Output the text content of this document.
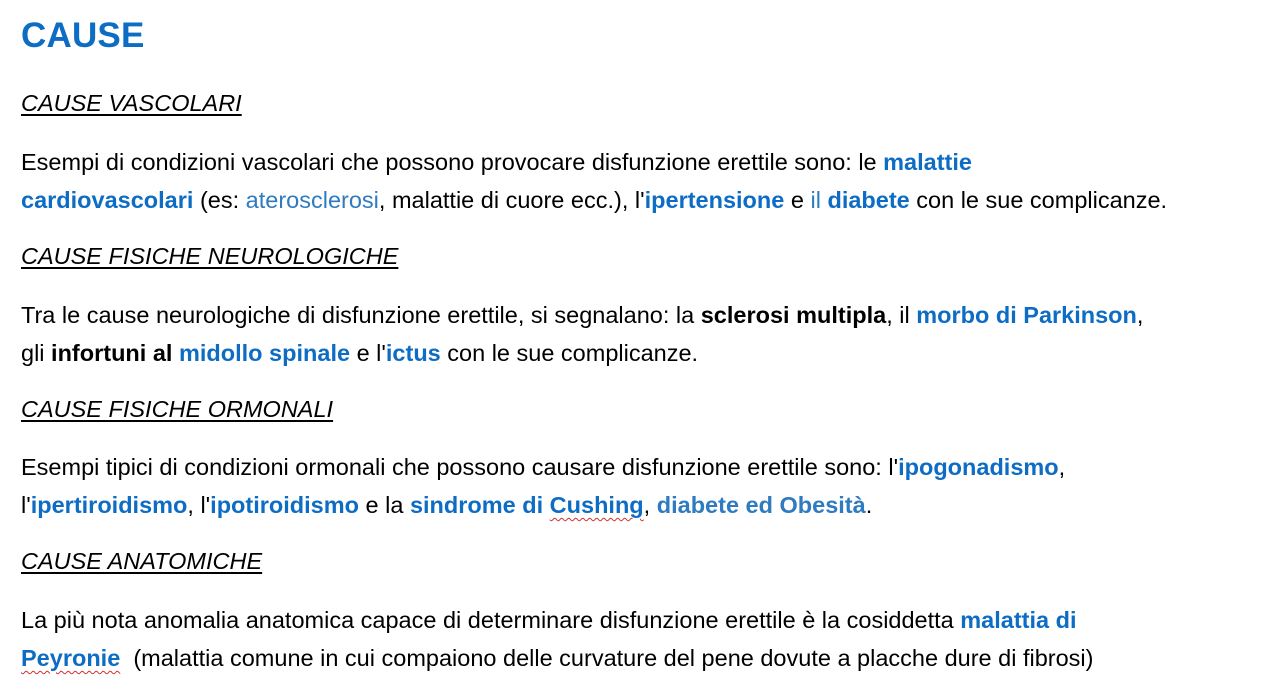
CAUSE
CAUSE VASCOLARI
Esempi di condizioni vascolari che possono provocare disfunzione erettile sono: le malattie
cardiovascolari (es: aterosclerosi, malattie di cuore ecc.), l'ipertensione e il diabete con le sue complicanze.
CAUSE FISICHE NEUROLOGICHE
Tra le cause neurologiche di disfunzione erettile, si segnalano: la sclerosi multipla, il morbo di Parkinson,
gli infortuni al midollo spinale e l'ictus con le sue complicanze.
CAUSE FISICHE ORMONALI
Esempi tipici di condizioni ormonali che possono causare disfunzione erettile sono: l'ipogonadismo,
l'ipertiroidismo, l'ipotiroidismo e la sindrome di Cushing, diabete ed Obesità.
CAUSE ANATOMICHE
La più nota anomalia anatomica capace di determinare disfunzione erettile è la cosiddetta malattia di
Peyronie  (malattia comune in cui compaiono delle curvature del pene dovute a placche dure di fibrosi)
